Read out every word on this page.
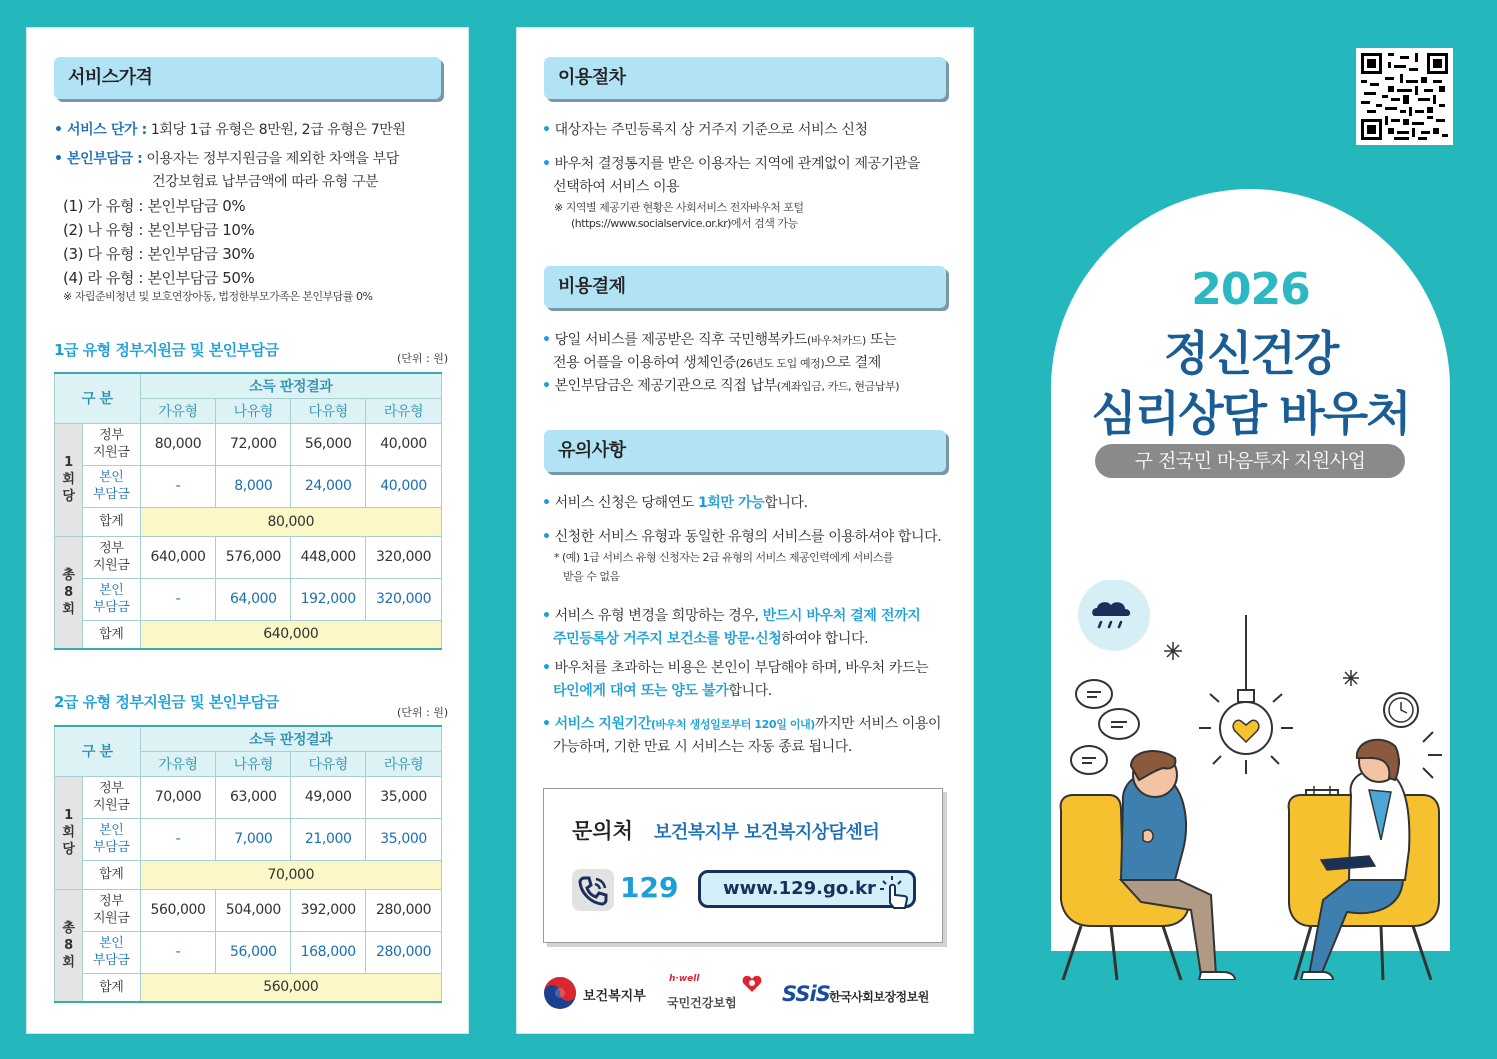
서비스가격
• 서비스 단가 : 1회당 1급 유형은 8만원, 2급 유형은 7만원
• 본인부담금 : 이용자는 정부지원금을 제외한 차액을 부담
건강보험료 납부금액에 따라 유형 구분
(1) 가 유형 : 본인부담금 0%
(2) 나 유형 : 본인부담금 10%
(3) 다 유형 : 본인부담금 30%
(4) 라 유형 : 본인부담금 50%
※ 자립준비청년 및 보호연장아동, 법정한부모가족은 본인부담률 0%
1급 유형 정부지원금 및 본인부담금	(단위 : 원)
구 분		소득 판정결과			
		가유형	나유형	다유형	라유형
1
회
당	정부
지원금	80,000	72,000	56,000	40,000
	본인
부담금	-	8,000	24,000	40,000
	합계	80,000			
총
8
회	정부
지원금	640,000	576,000	448,000	320,000
	본인
부담금	-	64,000	192,000	320,000
	합계	640,000			
2급 유형 정부지원금 및 본인부담금
(단위 : 원)
구 분		소득 판정결과			
		가유형	나유형	다유형	라유형
1
회
당	정부
지원금	70,000	63,000	49,000	35,000
	본인
부담금	-	7,000	21,000	35,000
	합계	70,000			
총
8
회	정부
지원금	560,000	504,000	392,000	280,000
	본인
부담금	-	56,000	168,000	280,000
	합계	560,000			
이용절차
• 대상자는 주민등록지 상 거주지 기준으로 서비스 신청
• 바우처 결정통지를 받은 이용자는 지역에 관계없이 제공기관을
선택하여 서비스 이용
※ 지역별 제공기관 현황은 사회서비스 전자바우처 포털
(https://www.socialservice.or.kr)에서 검색 가능
비용결제
• 당일 서비스를 제공받은 직후 국민행복카드(바우처카드) 또는
전용 어플을 이용하여 생체인증(26년도 도입 예정)으로 결제
• 본인부담금은 제공기관으로 직접 납부(계좌입금, 카드, 현금납부)
유의사항
• 서비스 신청은 당해연도 1회만 가능합니다.
• 신청한 서비스 유형과 동일한 유형의 서비스를 이용하셔야 합니다.
* (예) 1급 서비스 유형 신청자는 2급 유형의 서비스 제공인력에게 서비스를
받을 수 없음
• 서비스 유형 변경을 희망하는 경우, 반드시 바우처 결제 전까지
주민등록상 거주지 보건소를 방문·신청하여야 합니다.
• 바우처를 초과하는 비용은 본인이 부담해야 하며, 바우처 카드는
타인에게 대여 또는 양도 불가합니다.
• 서비스 지원기간(바우처 생성일로부터 120일 이내)까지만 서비스 이용이
가능하며, 기한 만료 시 서비스는 자동 종료 됩니다.
문의처 보건복지부 보건복지상담센터
129	www.129.go.kr
보건복지부
h·well
국민건강보험 SSiS 한국사회보장정보원
2026
정신건강
심리상담 바우처
구 전국민 마음투자 지원사업
